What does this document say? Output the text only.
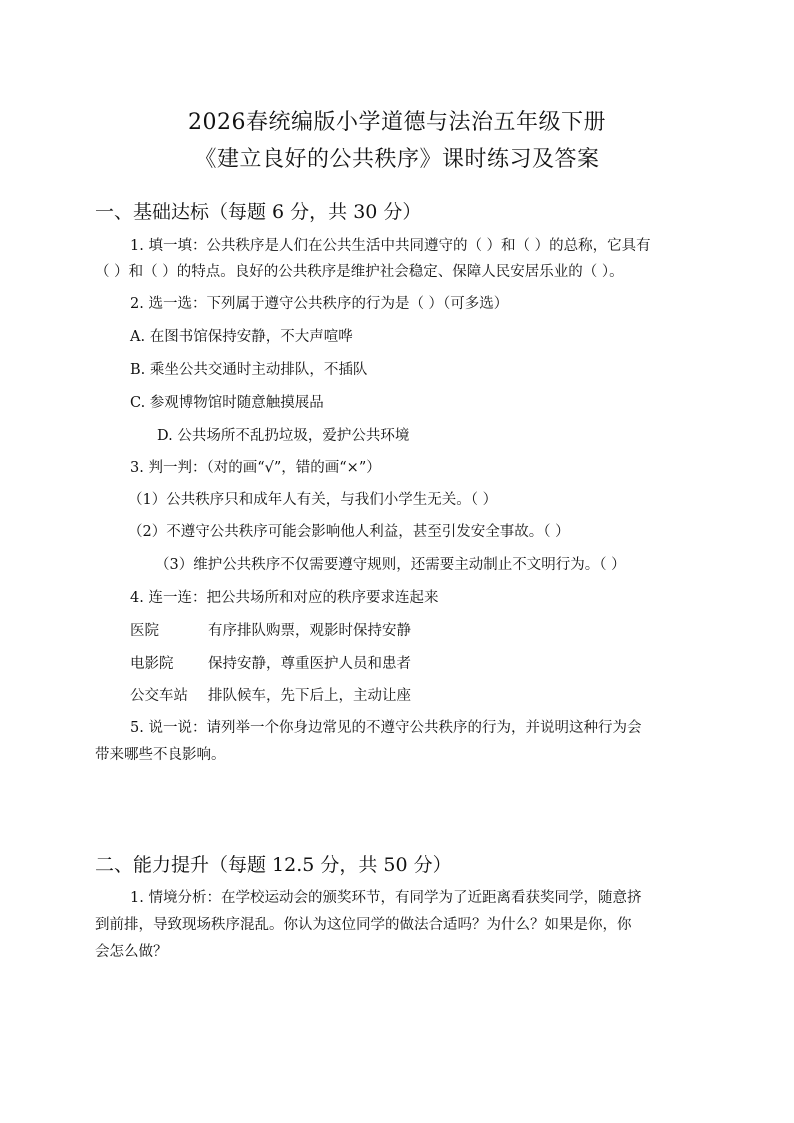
2026春统编版小学道德与法治五年级下册
《建立良好的公共秩序》课时练习及答案
一、基础达标（每题 6 分，共 30 分）
1. 填一填：公共秩序是人们在公共生活中共同遵守的（ ）和（ ）的总称，它具有
（ ）和（ ）的特点。良好的公共秩序是维护社会稳定、保障人民安居乐业的（ ）。
2. 选一选：下列属于遵守公共秩序的行为是（ ）（可多选）
A. 在图书馆保持安静，不大声喧哗
B. 乘坐公共交通时主动排队，不插队
C. 参观博物馆时随意触摸展品
D. 公共场所不乱扔垃圾，爱护公共环境
3. 判一判：（对的画“√”，错的画“×”）
（1）公共秩序只和成年人有关，与我们小学生无关。（ ）
（2）不遵守公共秩序可能会影响他人利益，甚至引发安全事故。（ ）
（3）维护公共秩序不仅需要遵守规则，还需要主动制止不文明行为。（ ）
4. 连一连：把公共场所和对应的秩序要求连起来
医院	有序排队购票，观影时保持安静
电影院 保持安静，尊重医护人员和患者
公交车站 排队候车，先下后上，主动让座
5. 说一说：请列举一个你身边常见的不遵守公共秩序的行为，并说明这种行为会
带来哪些不良影响。
二、能力提升（每题 12.5 分，共 50 分）
1. 情境分析：在学校运动会的颁奖环节，有同学为了近距离看获奖同学，随意挤
到前排，导致现场秩序混乱。你认为这位同学的做法合适吗？为什么？如果是你，你
会怎么做？
